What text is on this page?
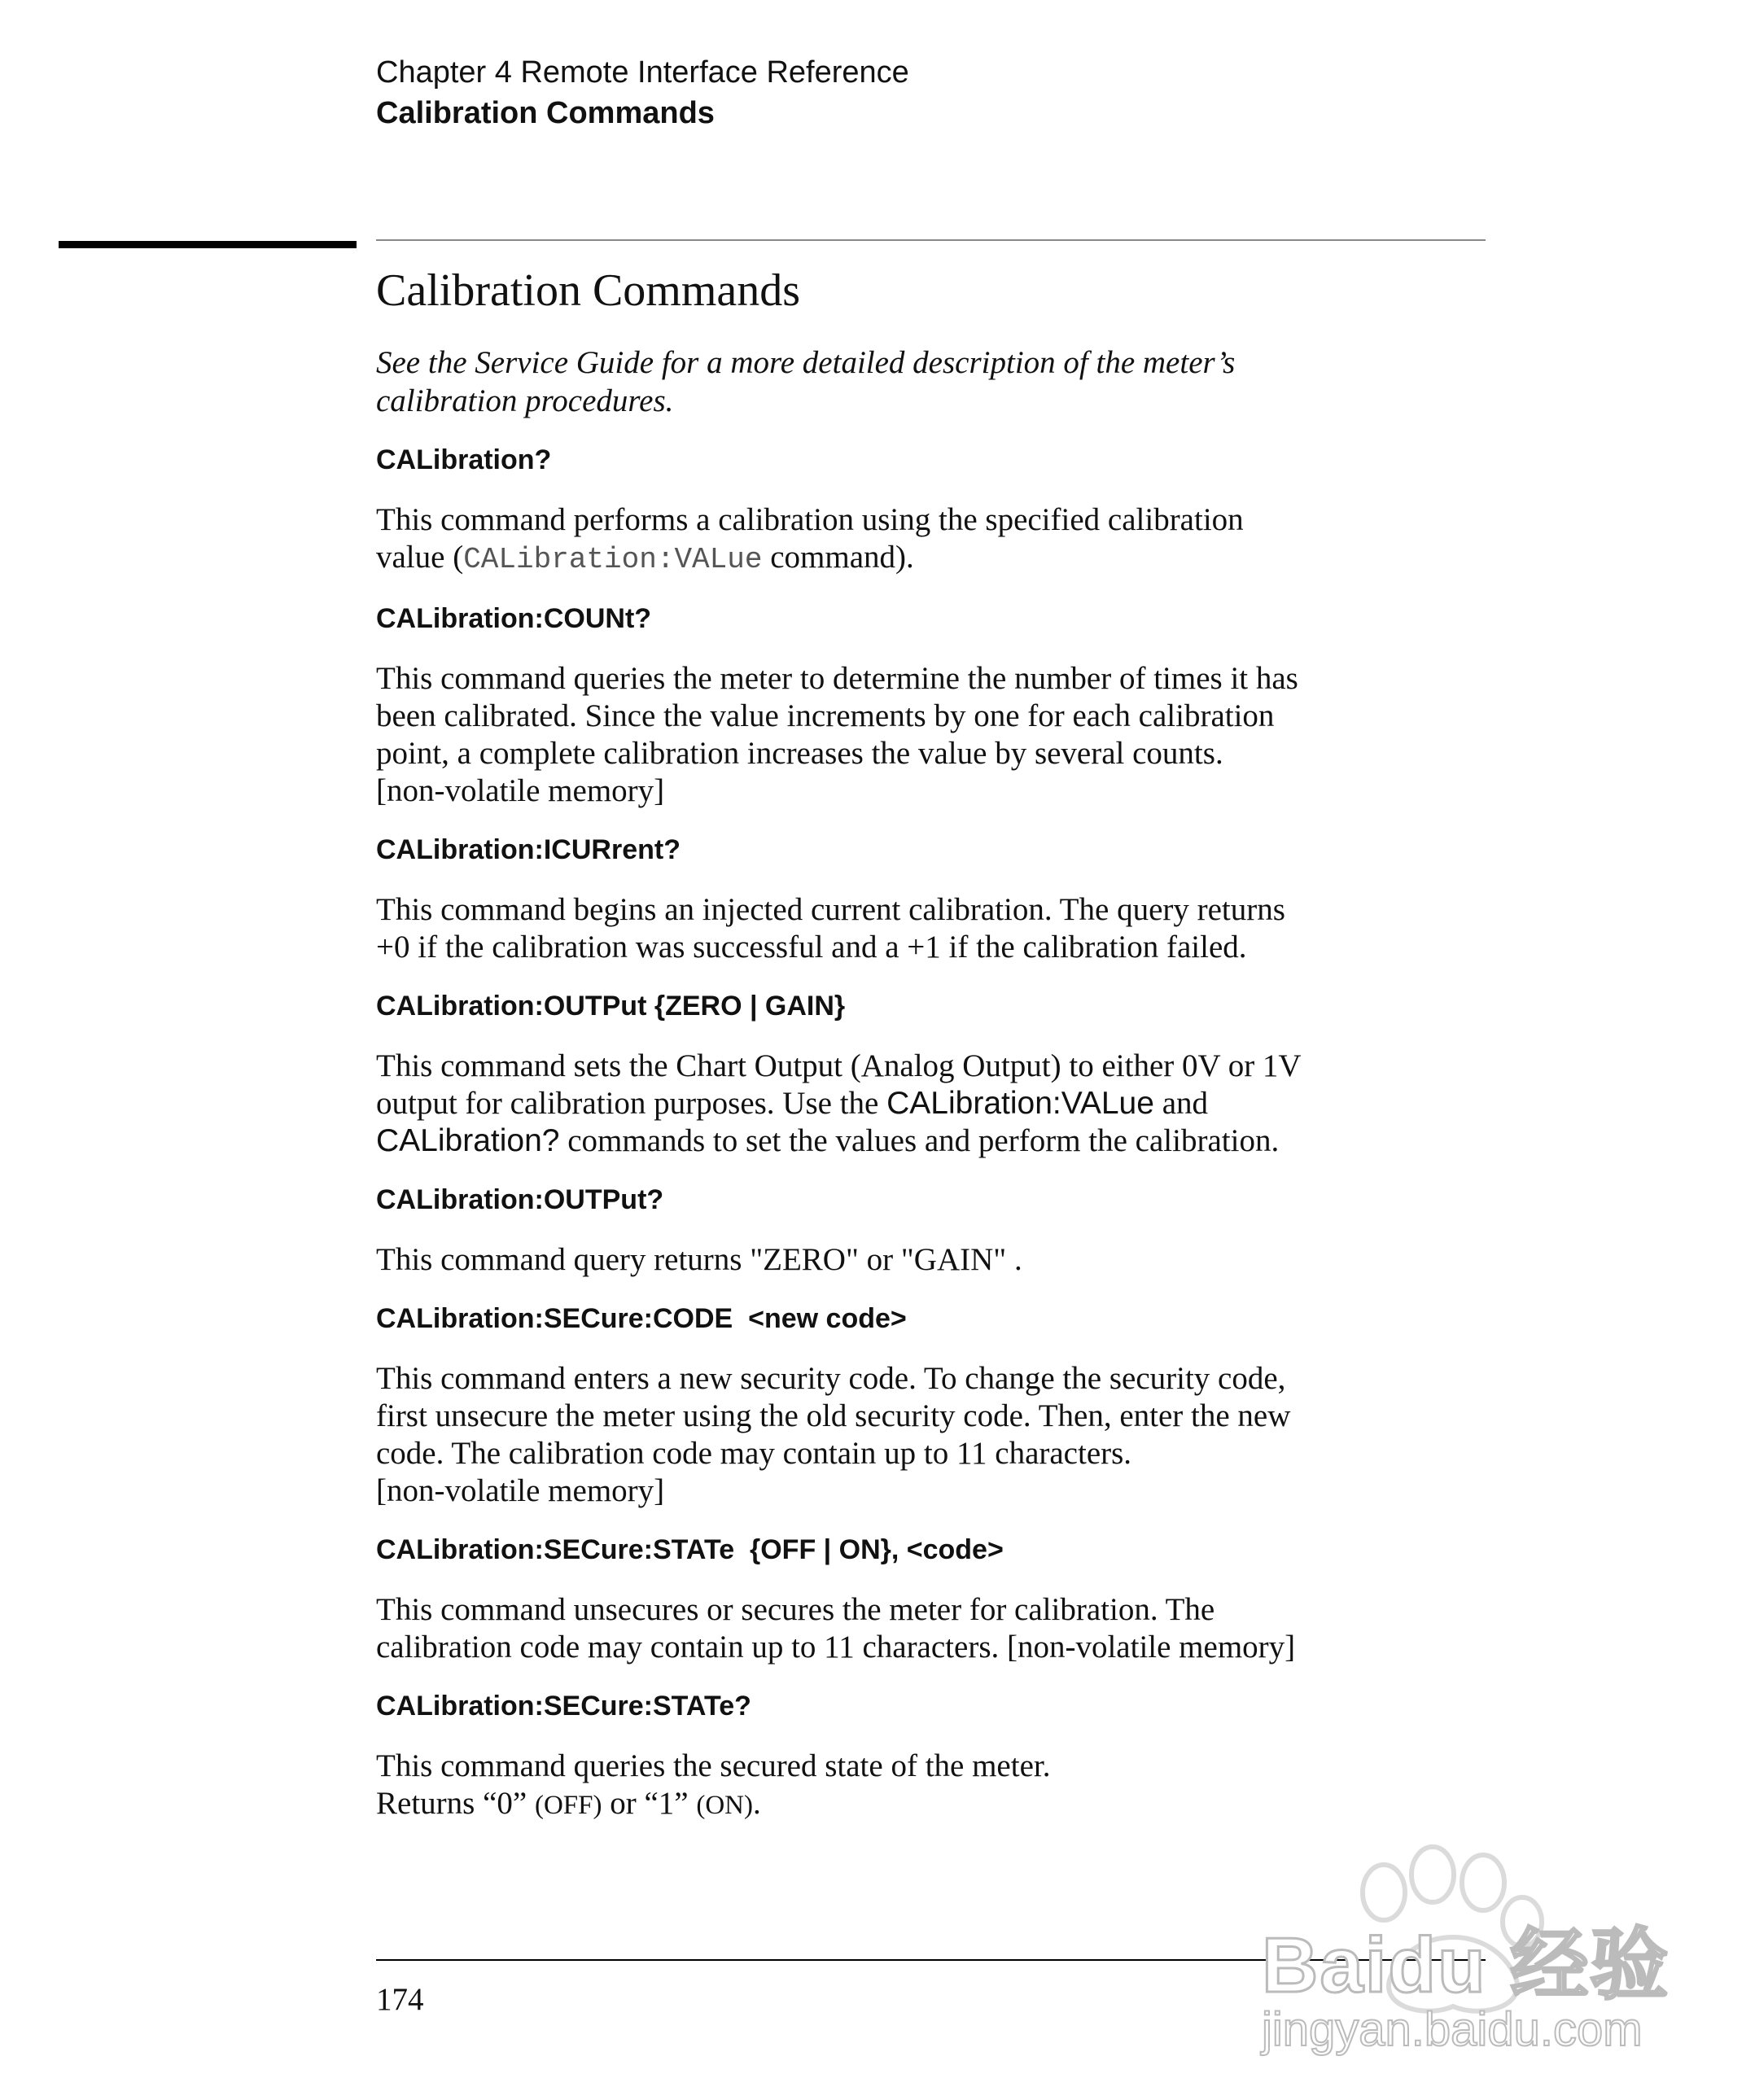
Chapter 4 Remote Interface Reference
Calibration Commands
Calibration Commands

See the Service Guide for a more detailed description of the meter’s
calibration procedures.

CALibration?

This command performs a calibration using the specified calibration
value (CALibration:VALue command).

CALibration:COUNt?

This command queries the meter to determine the number of times it has
been calibrated. Since the value increments by one for each calibration
point, a complete calibration increases the value by several counts.
[non-volatile memory]

CALibration:ICURrent?

This command begins an injected current calibration. The query returns
+0 if the calibration was successful and a +1 if the calibration failed.

CALibration:OUTPut {ZERO | GAIN}

This command sets the Chart Output (Analog Output) to either 0V or 1V
output for calibration purposes. Use the CALibration:VALue and
CALibration? commands to set the values and perform the calibration.

CALibration:OUTPut?

This command query returns "ZERO" or "GAIN" .

CALibration:SECure:CODE  <new code>

This command enters a new security code. To change the security code,
first unsecure the meter using the old security code. Then, enter the new
code. The calibration code may contain up to 11 characters.
[non-volatile memory]

CALibration:SECure:STATe  {OFF | ON}, <code>

This command unsecures or secures the meter for calibration. The
calibration code may contain up to 11 characters. [non-volatile memory]

CALibration:SECure:STATe?

This command queries the secured state of the meter.
Returns “0” (OFF) or “1” (ON).

174	Baidu 经验
jingyan.baidu.com
